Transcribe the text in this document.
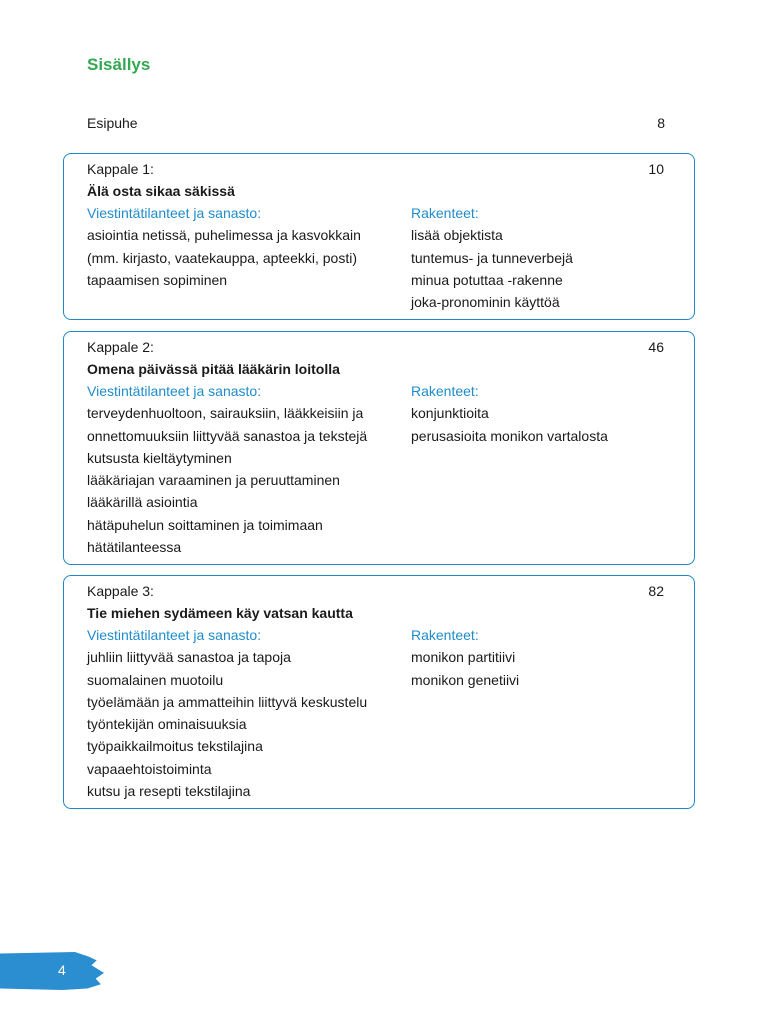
Sisällys
Esipuhe	8
Kappale 1:	10
Älä osta sikaa säkissä
Viestintätilanteet ja sanasto:
asiointia netissä, puhelimessa ja kasvokkain
(mm. kirjasto, vaatekauppa, apteekki, posti)
tapaamisen sopiminen
Rakenteet:
lisää objektista
tuntemus- ja tunneverbejä
minua potuttaa -rakenne
joka-pronominin käyttöä
Kappale 2:	46
Omena päivässä pitää lääkärin loitolla
Viestintätilanteet ja sanasto:
terveydenhuoltoon, sairauksiin, lääkkeisiin ja
onnettomuuksiin liittyvää sanastoa ja tekstejä
kutsusta kieltäytyminen
lääkäriajan varaaminen ja peruuttaminen
lääkärillä asiointia
hätäpuhelun soittaminen ja toimimaan
hätätilanteessa
Rakenteet:
konjunktioita
perusasioita monikon vartalosta
Kappale 3:	82
Tie miehen sydämeen käy vatsan kautta
Viestintätilanteet ja sanasto:
juhliin liittyvää sanastoa ja tapoja
suomalainen muotoilu
työelämään ja ammatteihin liittyvä keskustelu
työntekijän ominaisuuksia
työpaikkailmoitus tekstilajina
vapaaehtoistoiminta
kutsu ja resepti tekstilajina
Rakenteet:
monikon partitiivi
monikon genetiivi
4
